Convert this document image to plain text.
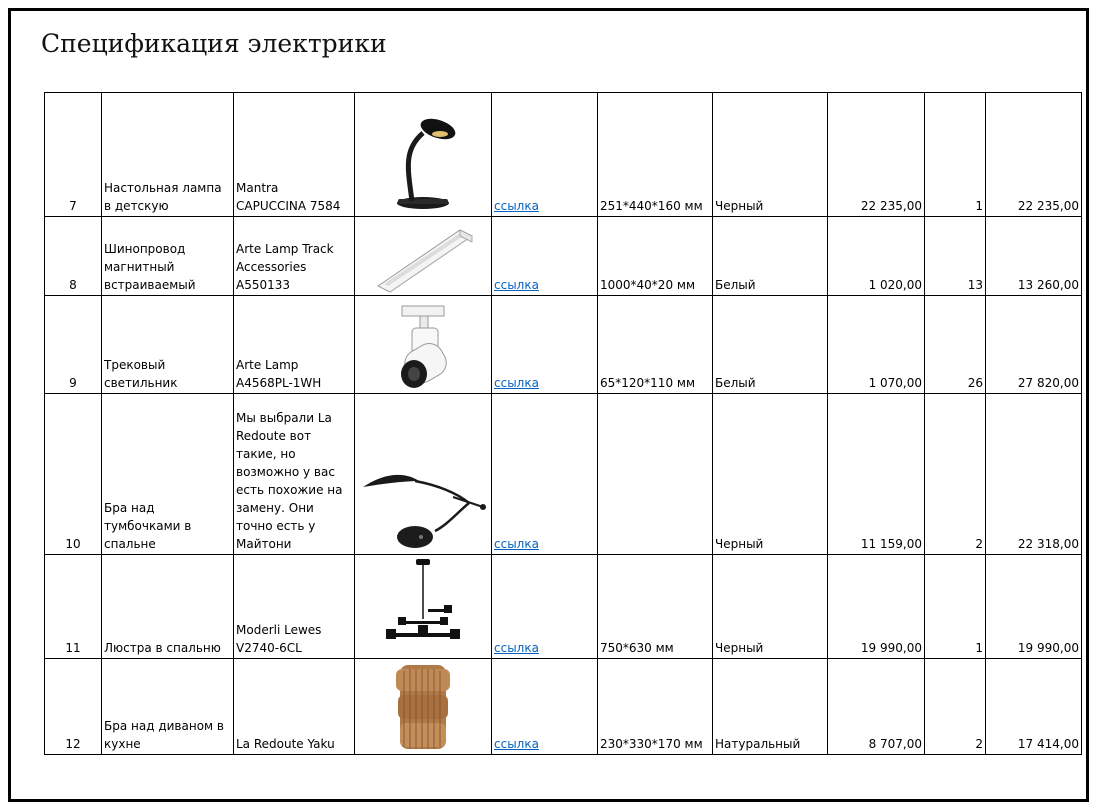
Спецификация электрики
7	Настольная лампа в детскую	Mantra CAPUCCINA 7584		ссылка	251*440*160 мм	Черный	22 235,00	1	22 235,00
8	Шинопровод магнитный встраиваемый	Arte Lamp Track Accessories A550133		ссылка	1000*40*20 мм	Белый	1 020,00	13	13 260,00
9	Трековый светильник	Arte Lamp A4568PL-1WH		ссылка	65*120*110 мм	Белый	1 070,00	26	27 820,00
10	Бра над тумбочками в спальне	Мы выбрали La Redoute вот такие, но возможно у вас есть похожие на замену. Они точно есть у Майтони		ссылка		Черный	11 159,00	2	22 318,00
11	Люстра в спальню	Moderli Lewes V2740-6CL		ссылка	750*630 мм	Черный	19 990,00	1	19 990,00
12	Бра над диваном в кухне	La Redoute Yaku		ссылка	230*330*170 мм	Натуральный	8 707,00	2	17 414,00
